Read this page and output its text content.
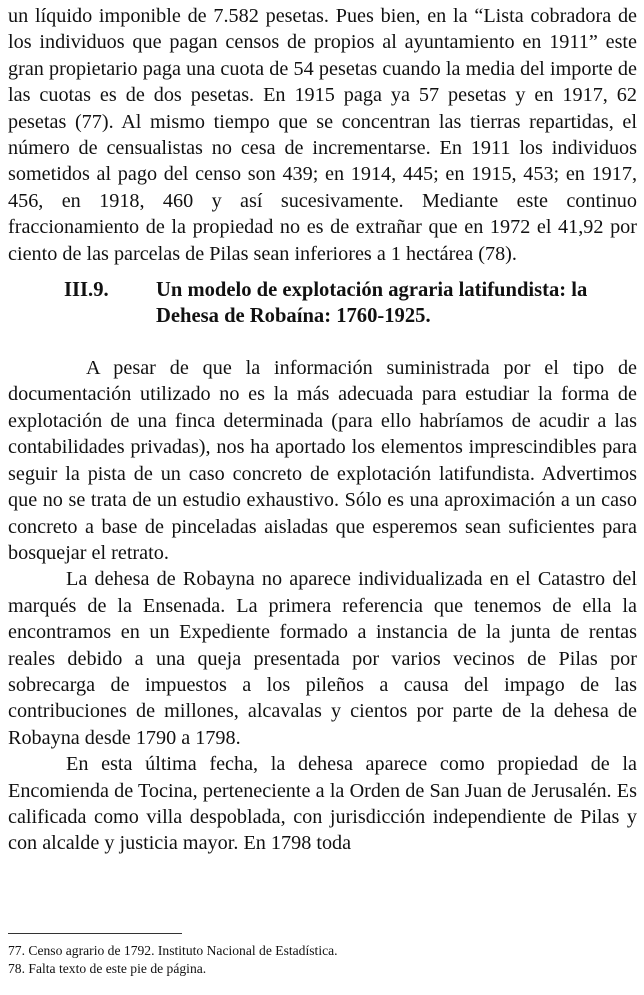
un líquido imponible de 7.582 pesetas. Pues bien, en la “Lista cobradora de los individuos que pagan censos de propios al ayuntamiento en 1911” este gran propietario paga una cuota de 54 pesetas cuando la media del importe de las cuotas es de dos pesetas. En 1915 paga ya 57 pesetas y en 1917, 62 pesetas (77). Al mismo tiempo que se concentran las tierras repartidas, el número de censualistas no cesa de incrementarse. En 1911 los individuos sometidos al pago del censo son 439; en 1914, 445; en 1915, 453; en 1917, 456, en 1918, 460 y así sucesivamente. Mediante este continuo fraccionamiento de la propiedad no es de extrañar que en 1972 el 41,92 por ciento de las parcelas de Pilas sean inferiores a 1 hectárea (78).

III.9.	Un modelo de explotación agraria latifundista: la Dehesa de Robaína: 1760-1925.

A pesar de que la información suministrada por el tipo de documentación utilizado no es la más adecuada para estudiar la forma de explotación de una finca determinada (para ello habríamos de acudir a las contabilidades privadas), nos ha aportado los elementos imprescindibles para seguir la pista de un caso concreto de explotación latifundista. Advertimos que no se trata de un estudio exhaustivo. Sólo es una aproximación a un caso concreto a base de pinceladas aisladas que esperemos sean suficientes para bosquejar el retrato.

La dehesa de Robayna no aparece individualizada en el Catastro del marqués de la Ensenada. La primera referencia que tenemos de ella la encontramos en un Expediente formado a instancia de la junta de rentas reales debido a una queja presentada por varios vecinos de Pilas por sobrecarga de impuestos a los pileños a causa del impago de las contribuciones de millones, alcavalas y cientos por parte de la dehesa de Robayna desde 1790 a 1798.

En esta última fecha, la dehesa aparece como propiedad de la Encomienda de Tocina, perteneciente a la Orden de San Juan de Jerusalén. Es calificada como villa despoblada, con jurisdicción independiente de Pilas y con alcalde y justicia mayor. En 1798 toda

77. Censo agrario de 1792. Instituto Nacional de Estadística.

78. Falta texto de este pie de página.
